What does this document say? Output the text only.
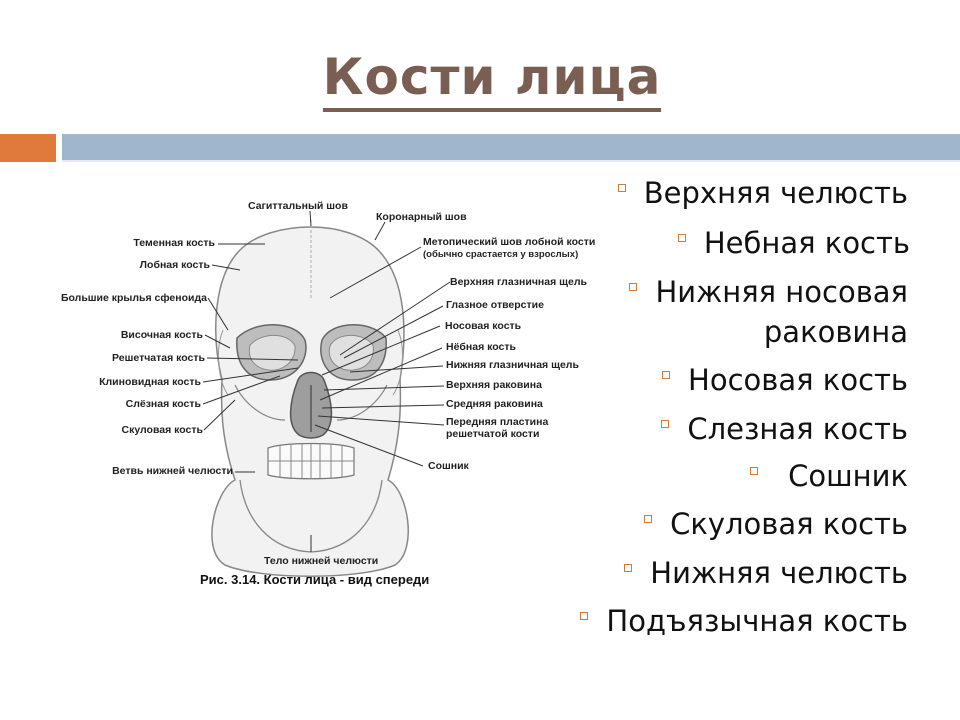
Кости лица
Сагиттальный шов
Коронарный шов
Теменная кость
Лобная кость
Большие крылья сфеноида
Височная кость
Решетчатая кость
Клиновидная кость
Слёзная кость
Скуловая кость
Ветвь нижней челюсти
Метопический шов лобной кости
(обычно срастается у взрослых)
Верхняя глазничная щель
Глазное отверстие
Носовая кость
Нёбная кость
Нижняя глазничная щель
Верхняя раковина
Средняя раковина
Передняя пластина
решетчатой кости
Сошник
Тело нижней челюсти
Рис. 3.14. Кости лица - вид спереди
Верхняя челюсть
Небная кость
Нижняя носовая
раковина
Носовая кость
Слезная кость
Сошник
Скуловая кость
Нижняя челюсть
Подъязычная кость
